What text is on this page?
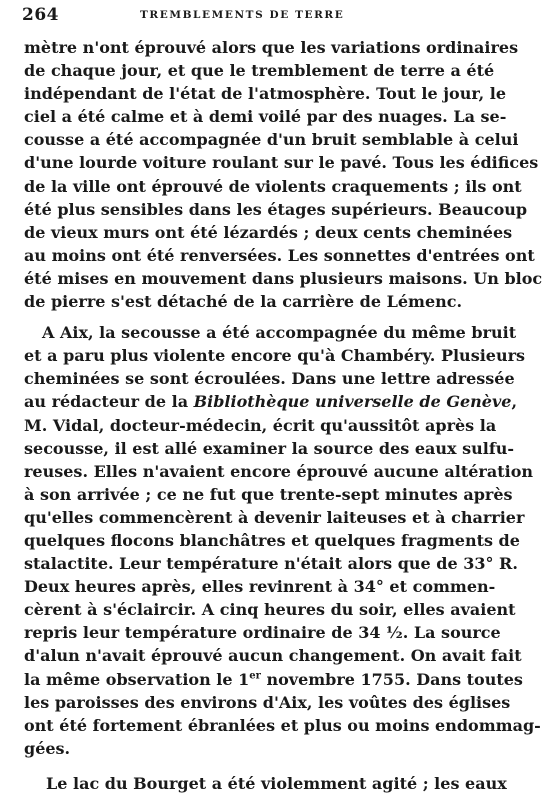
264	TREMBLEMENTS DE TERRE
mètre n'ont éprouvé alors que les variations ordinaires
de chaque jour, et que le tremblement de terre a été
indépendant de l'état de l'atmosphère. Tout le jour, le
ciel a été calme et à demi voilé par des nuages. La se-
cousse a été accompagnée d'un bruit semblable à celui
d'une lourde voiture roulant sur le pavé. Tous les édifices
de la ville ont éprouvé de violents craquements ; ils ont
été plus sensibles dans les étages supérieurs. Beaucoup
de vieux murs ont été lézardés ; deux cents cheminées
au moins ont été renversées. Les sonnettes d'entrées ont
été mises en mouvement dans plusieurs maisons. Un bloc
de pierre s'est détaché de la carrière de Lémenc.
A Aix, la secousse a été accompagnée du même bruit
et a paru plus violente encore qu'à Chambéry. Plusieurs
cheminées se sont écroulées. Dans une lettre adressée
au rédacteur de la Bibliothèque universelle de Genève,
M. Vidal, docteur-médecin, écrit qu'aussitôt après la
secousse, il est allé examiner la source des eaux sulfu-
reuses. Elles n'avaient encore éprouvé aucune altération
à son arrivée ; ce ne fut que trente-sept minutes après
qu'elles commencèrent à devenir laiteuses et à charrier
quelques flocons blanchâtres et quelques fragments de
stalactite. Leur température n'était alors que de 33° R.
Deux heures après, elles revinrent à 34° et commen-
cèrent à s'éclaircir. A cinq heures du soir, elles avaient
repris leur température ordinaire de 34 ½. La source
d'alun n'avait éprouvé aucun changement. On avait fait
la même observation le 1er novembre 1755. Dans toutes
les paroisses des environs d'Aix, les voûtes des églises
ont été fortement ébranlées et plus ou moins endommag-
gées.
Le lac du Bourget a été violemment agité ; les eaux
